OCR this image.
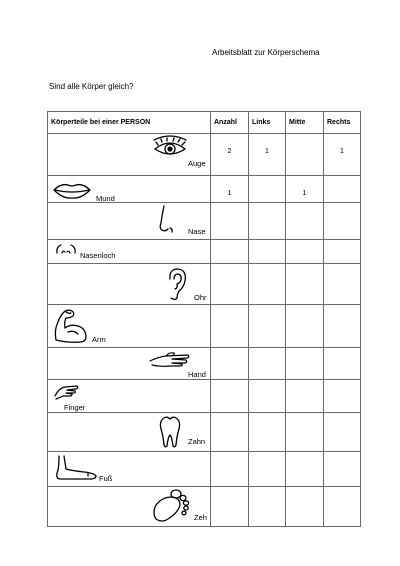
Arbeitsblatt zur Körperschema
Sind alle Körper gleich?
Körperteile bei einer PERSON	Anzahl	Links	Mitte	Rechts

Auge	2	1		1

Mund	1		1	

Nase				

Nasenloch				

Ohr				

Arm				

Hand				

Finger				

Zahn				

Fuß				

Zeh				
